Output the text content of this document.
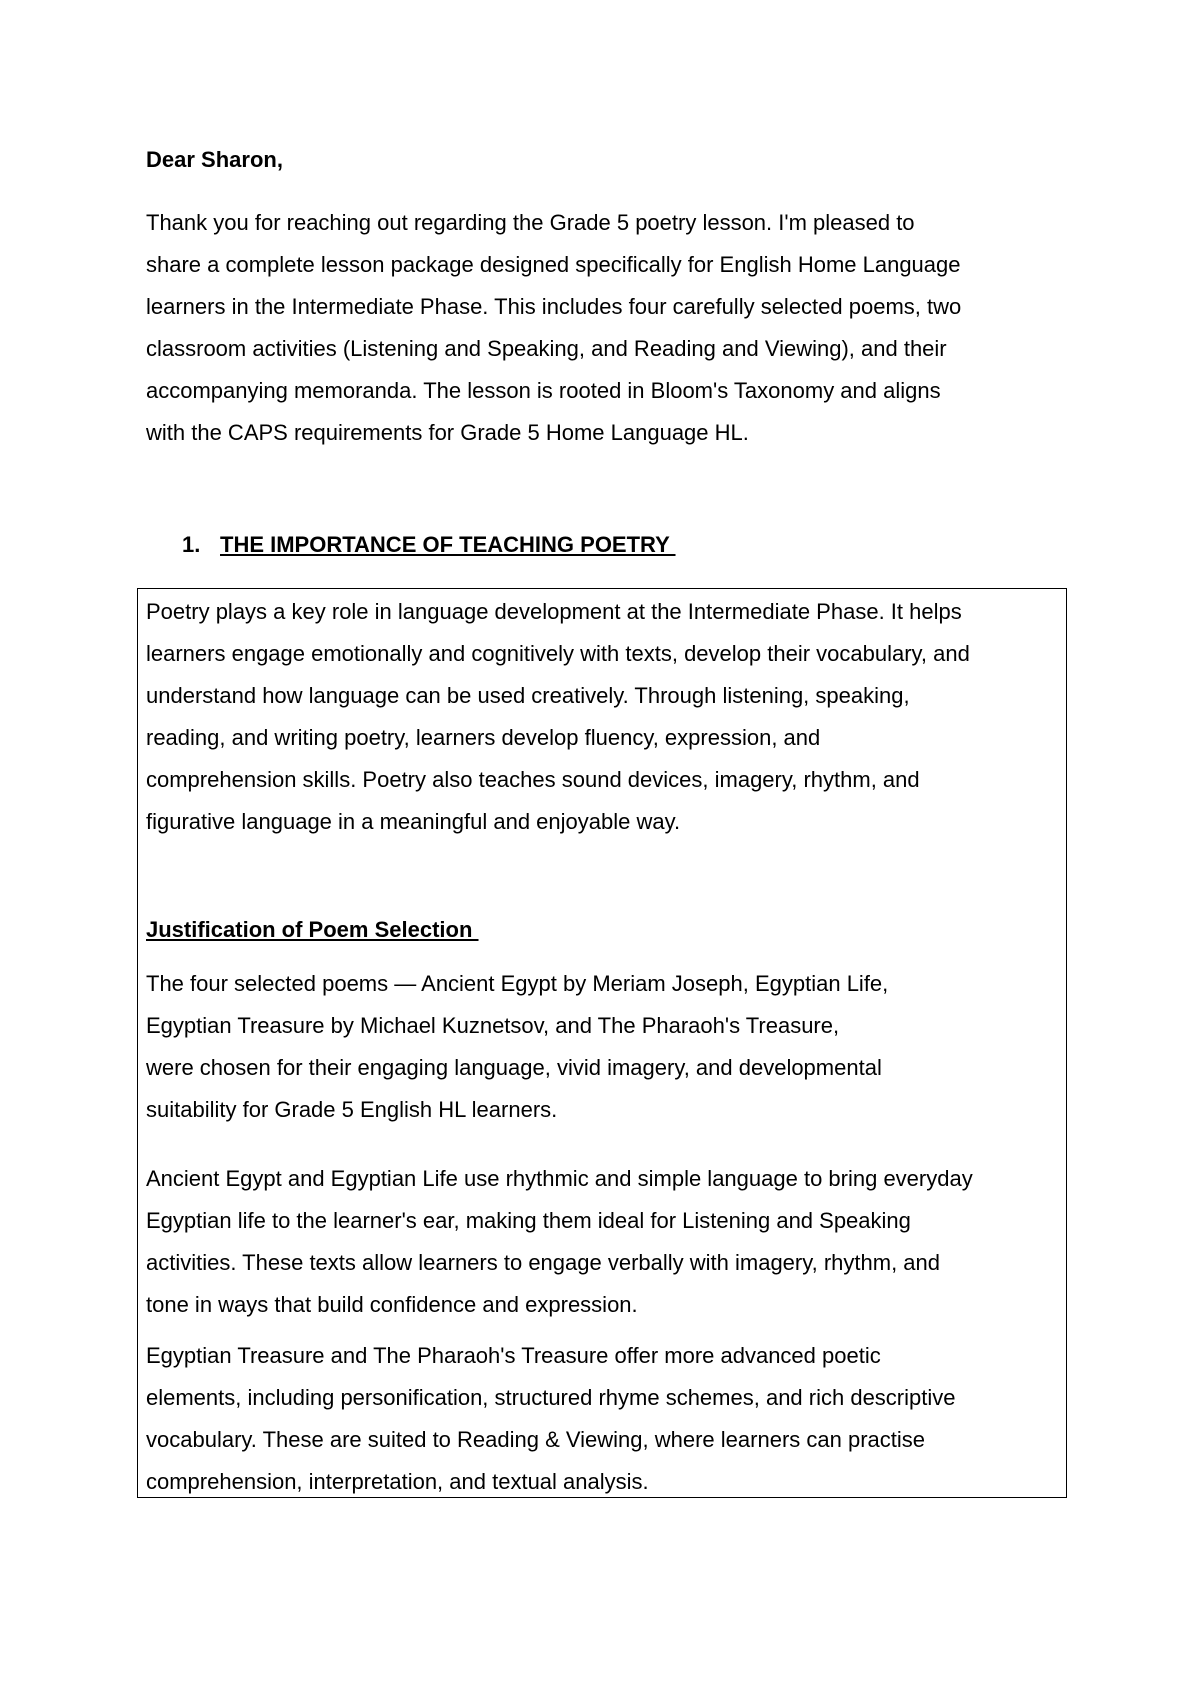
Dear Sharon,

Thank you for reaching out regarding the Grade 5 poetry lesson. I'm pleased to
share a complete lesson package designed specifically for English Home Language
learners in the Intermediate Phase. This includes four carefully selected poems, two
classroom activities (Listening and Speaking, and Reading and Viewing), and their
accompanying memoranda. The lesson is rooted in Bloom's Taxonomy and aligns
with the CAPS requirements for Grade 5 Home Language HL.

1. THE IMPORTANCE OF TEACHING POETRY

Poetry plays a key role in language development at the Intermediate Phase. It helps
learners engage emotionally and cognitively with texts, develop their vocabulary, and
understand how language can be used creatively. Through listening, speaking,
reading, and writing poetry, learners develop fluency, expression, and
comprehension skills. Poetry also teaches sound devices, imagery, rhythm, and
figurative language in a meaningful and enjoyable way.

Justification of Poem Selection

The four selected poems — Ancient Egypt by Meriam Joseph, Egyptian Life,
Egyptian Treasure by Michael Kuznetsov, and The Pharaoh's Treasure,
were chosen for their engaging language, vivid imagery, and developmental
suitability for Grade 5 English HL learners.

Ancient Egypt and Egyptian Life use rhythmic and simple language to bring everyday
Egyptian life to the learner's ear, making them ideal for Listening and Speaking
activities. These texts allow learners to engage verbally with imagery, rhythm, and
tone in ways that build confidence and expression.

Egyptian Treasure and The Pharaoh's Treasure offer more advanced poetic
elements, including personification, structured rhyme schemes, and rich descriptive
vocabulary. These are suited to Reading & Viewing, where learners can practise
comprehension, interpretation, and textual analysis.
